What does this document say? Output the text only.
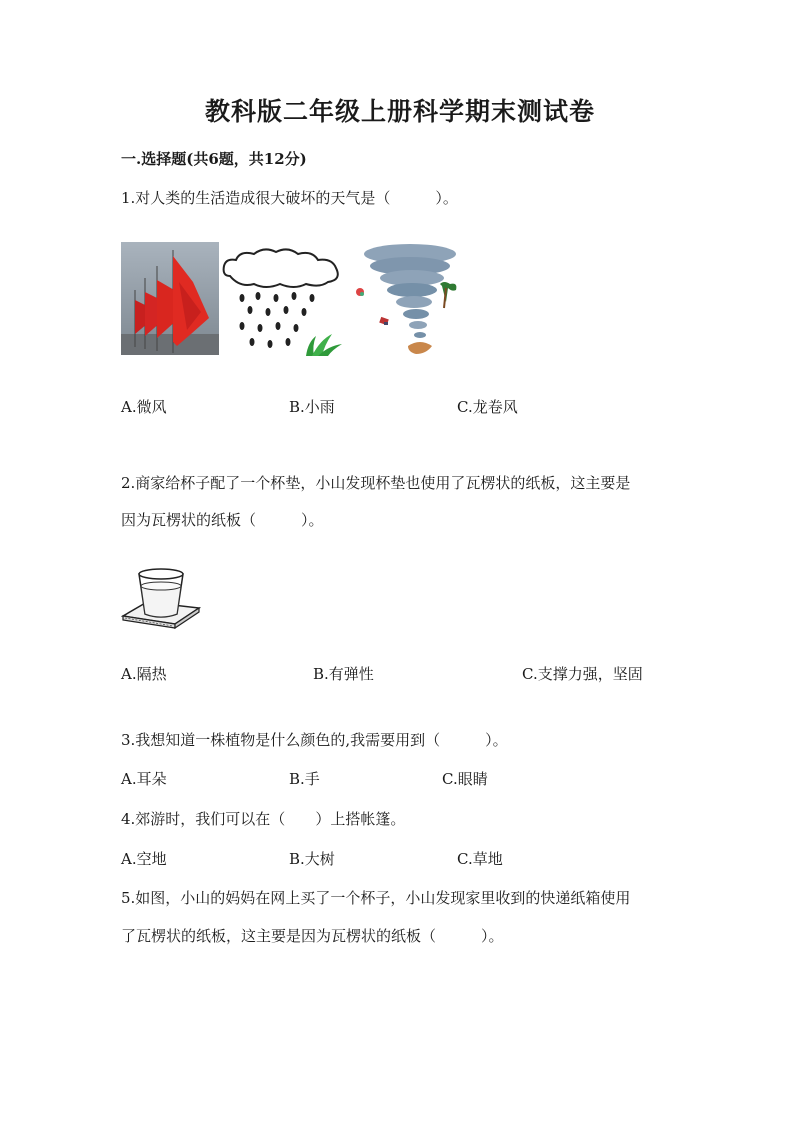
教科版二年级上册科学期末测试卷
一.选择题(共6题，共12分)
1.对人类的生活造成很大破坏的天气是（　　　）。
A.微风	B.小雨	C.龙卷风
2.商家给杯子配了一个杯垫，小山发现杯垫也使用了瓦楞状的纸板，这主要是
因为瓦楞状的纸板（　　　）。
A.隔热	B.有弹性	C.支撑力强，坚固
3.我想知道一株植物是什么颜色的,我需要用到（　　　）。
A.耳朵	B.手	C.眼睛
4.郊游时，我们可以在（　　）上搭帐篷。
A.空地	B.大树	C.草地
5.如图，小山的妈妈在网上买了一个杯子，小山发现家里收到的快递纸箱使用
了瓦楞状的纸板，这主要是因为瓦楞状的纸板（　　　）。
